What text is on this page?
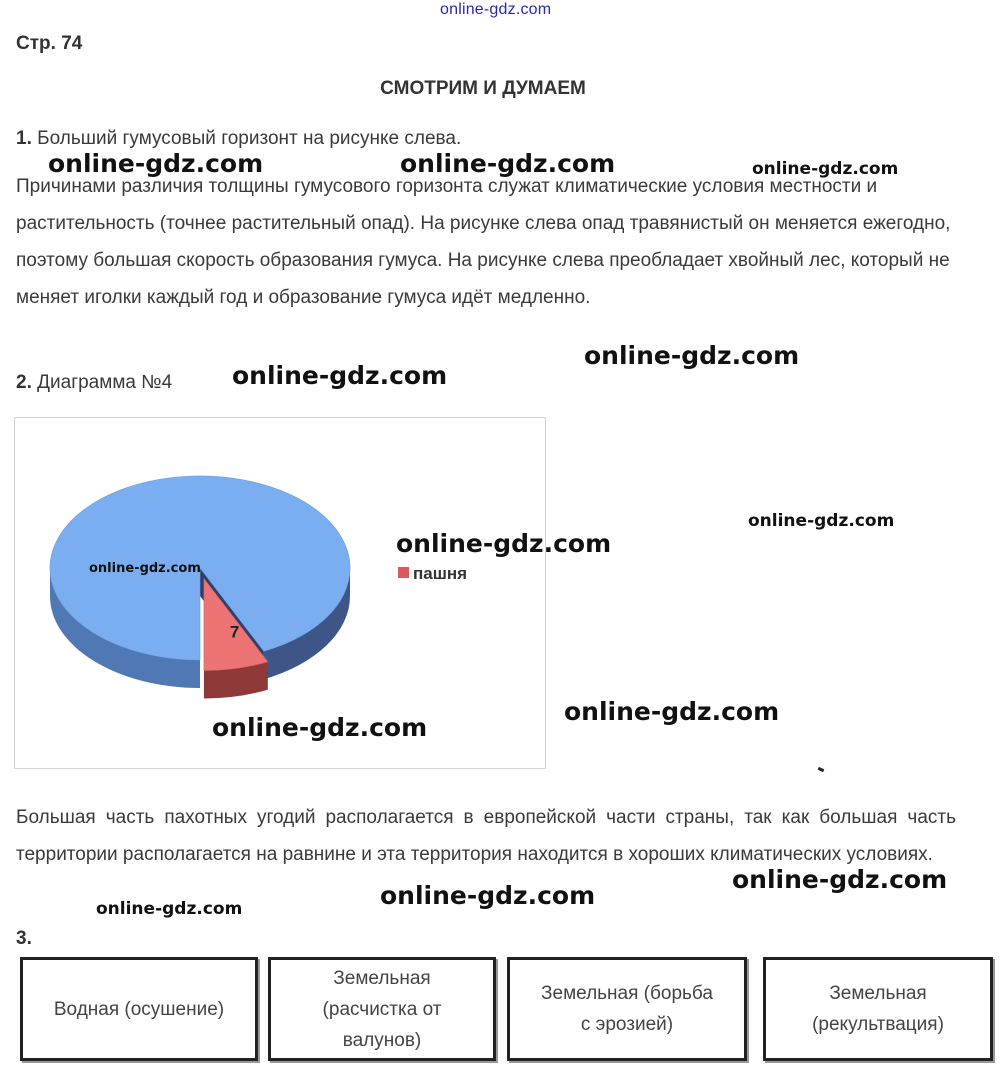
online-gdz.com
Стр. 74
СМОТРИМ И ДУМАЕМ
1. Больший гумусовый горизонт на рисунке слева.
Причинами различия толщины гумусового горизонта служат климатические условия местности и растительность (точнее растительный опад). На рисунке слева опад травянистый он меняется ежегодно, поэтому большая скорость образования гумуса. На рисунке слева преобладает хвойный лес, который не меняет иголки каждый год и образование гумуса идёт медленно.
2. Диаграмма №4
7
пашня
online-gdz.com
Большая часть пахотных угодий располагается в европейской части страны, так как большая часть территории располагается на равнине и эта территория находится в хороших климатических условиях.
3.
Водная (осушение)
Земельная
(расчистка от
валунов)
Земельная (борьба
с эрозией)
Земельная
(рекультвация)
online-gdz.com	online-gdz.com	online-gdz.com
online-gdz.com
online-gdz.com
online-gdz.com
online-gdz.com
online-gdz.com
online-gdz.com
online-gdz.com
online-gdz.com
online-gdz.com
